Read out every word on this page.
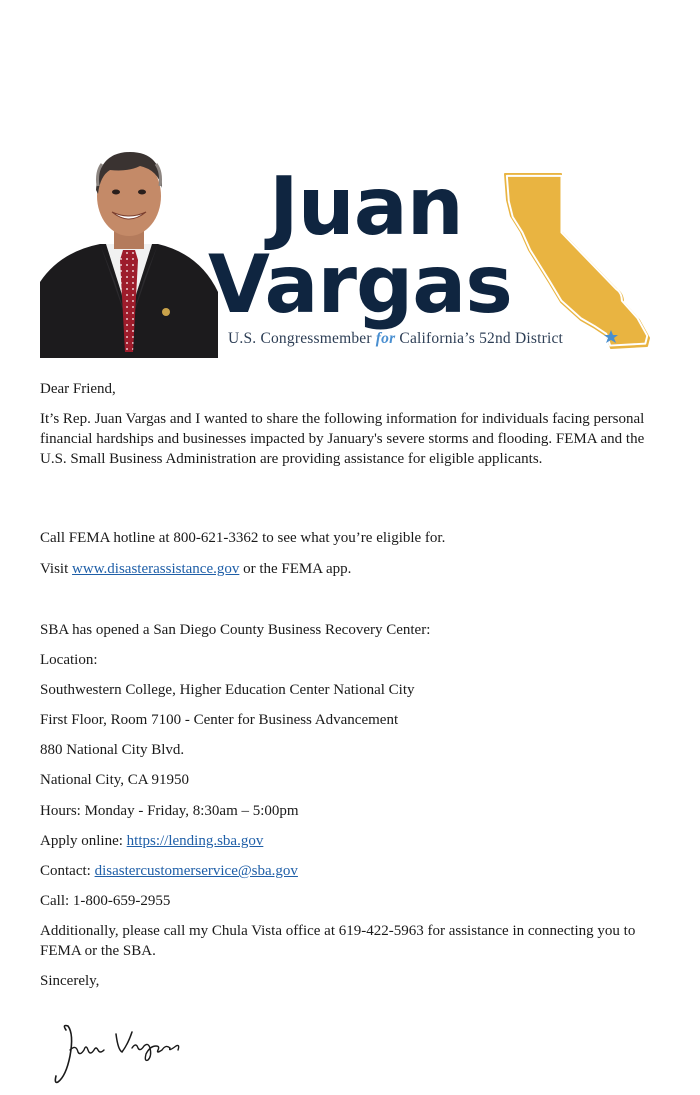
Juan
Vargas
U.S. Congressmember for California’s 52nd District
Dear Friend,
It’s Rep. Juan Vargas and I wanted to share the following information for individuals facing personal financial hardships and businesses impacted by January's severe storms and flooding. FEMA and the U.S. Small Business Administration are providing assistance for eligible applicants.
Call FEMA hotline at 800-621-3362 to see what you’re eligible for.
Visit www.disasterassistance.gov or the FEMA app.
SBA has opened a San Diego County Business Recovery Center:
Location:
Southwestern College, Higher Education Center National City
First Floor, Room 7100 - Center for Business Advancement
880 National City Blvd.
National City, CA 91950
Hours: Monday - Friday, 8:30am – 5:00pm
Apply online: https://lending.sba.gov
Contact: disastercustomerservice@sba.gov
Call: 1-800-659-2955
Additionally, please call my Chula Vista office at 619-422-5963 for assistance in connecting you to FEMA or the SBA.
Sincerely,
